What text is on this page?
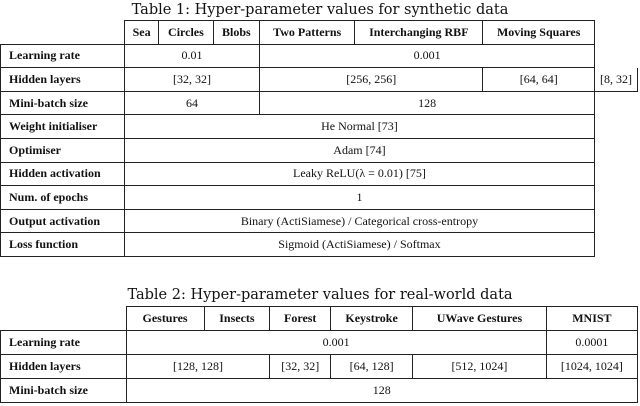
Table 1: Hyper-parameter values for synthetic data
	Sea	Circles	Blobs	Two Patterns	Interchanging RBF	Moving Squares	
Learning rate	0.01			0.001			
Hidden layers	[32, 32]			[256, 256]		[64, 64]	[8, 32]
Mini-batch size	64			128			
Weight initialiser	He Normal [73]						
Optimiser	Adam [74]						
Hidden activation	Leaky ReLU(λ = 0.01) [75]						
Num. of epochs	1						
Output activation	Binary (ActiSiamese) / Categorical cross-entropy						
Loss function	Sigmoid (ActiSiamese) / Softmax						
Table 2: Hyper-parameter values for real-world data
	Gestures	Insects	Forest	Keystroke	UWave Gestures	MNIST
Learning rate	0.001					0.0001
Hidden layers	[128, 128]		[32, 32]	[64, 128]	[512, 1024]	[1024, 1024]
Mini-batch size	128					
